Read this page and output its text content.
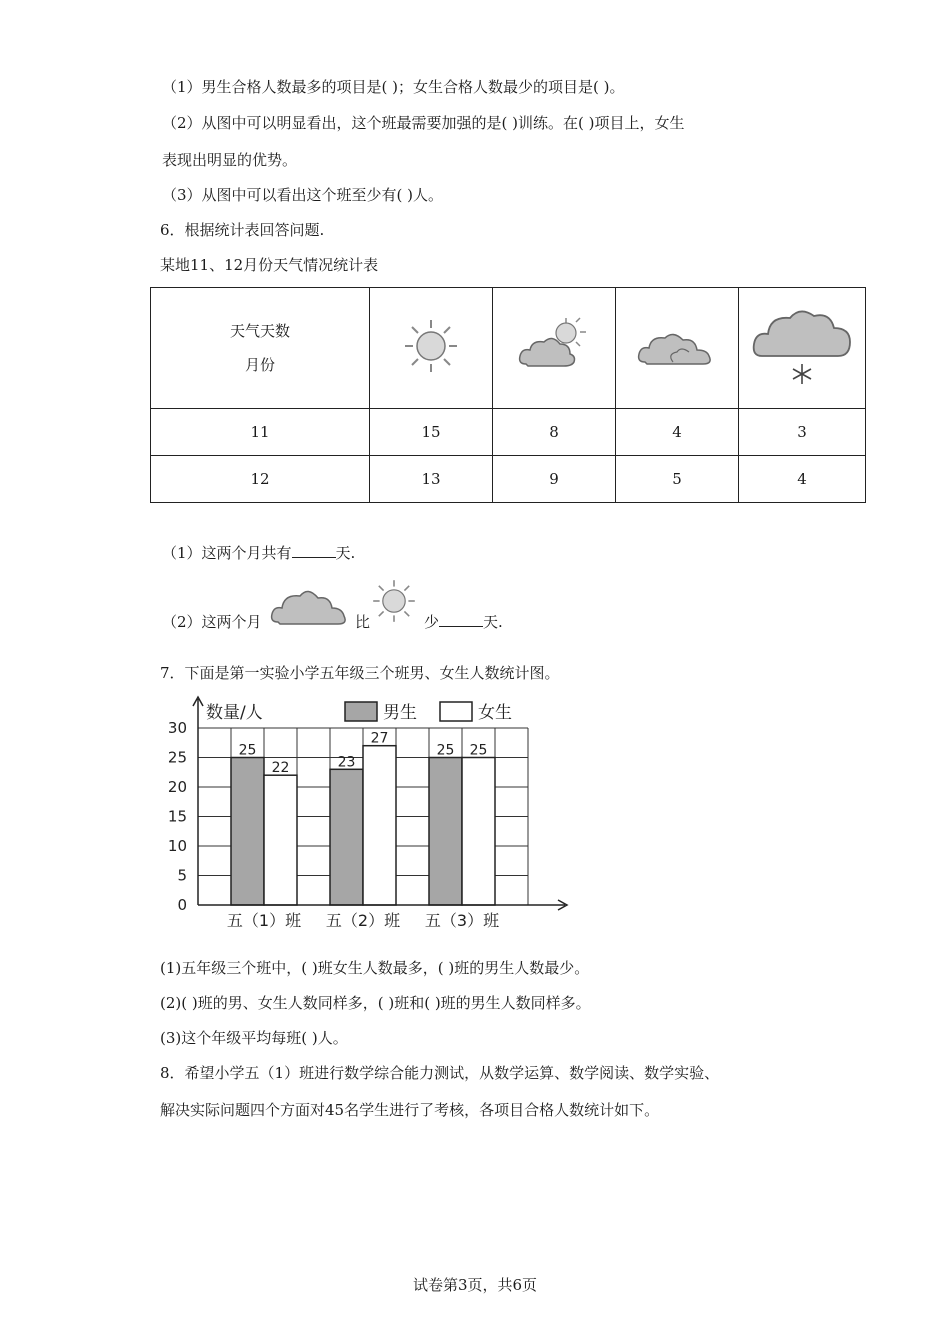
（1）男生合格人数最多的项目是( )；女生合格人数最少的项目是( )。
（2）从图中可以明显看出，这个班最需要加强的是( )训练。在( )项目上，女生
表现出明显的优势。
（3）从图中可以看出这个班至少有( )人。
6．根据统计表回答问题.
某地11、12月份天气情况统计表
天气天数
月份				
11	15	8	4	3
12	13	9	5	4
（1）这两个月共有	天.
（2）这两个月	比	少	天.
7．下面是第一实验小学五年级三个班男、女生人数统计图。
0
5
10
15
20
25
30
25
22
五（1）班
23
27
五（2）班
25 25
五（3）班
数量/人	男生	女生
(1)五年级三个班中，( )班女生人数最多，( )班的男生人数最少。
(2)( )班的男、女生人数同样多，( )班和( )班的男生人数同样多。
(3)这个年级平均每班( )人。
8．希望小学五（1）班进行数学综合能力测试，从数学运算、数学阅读、数学实验、
解决实际问题四个方面对45名学生进行了考核，各项目合格人数统计如下。
试卷第3页，共6页
